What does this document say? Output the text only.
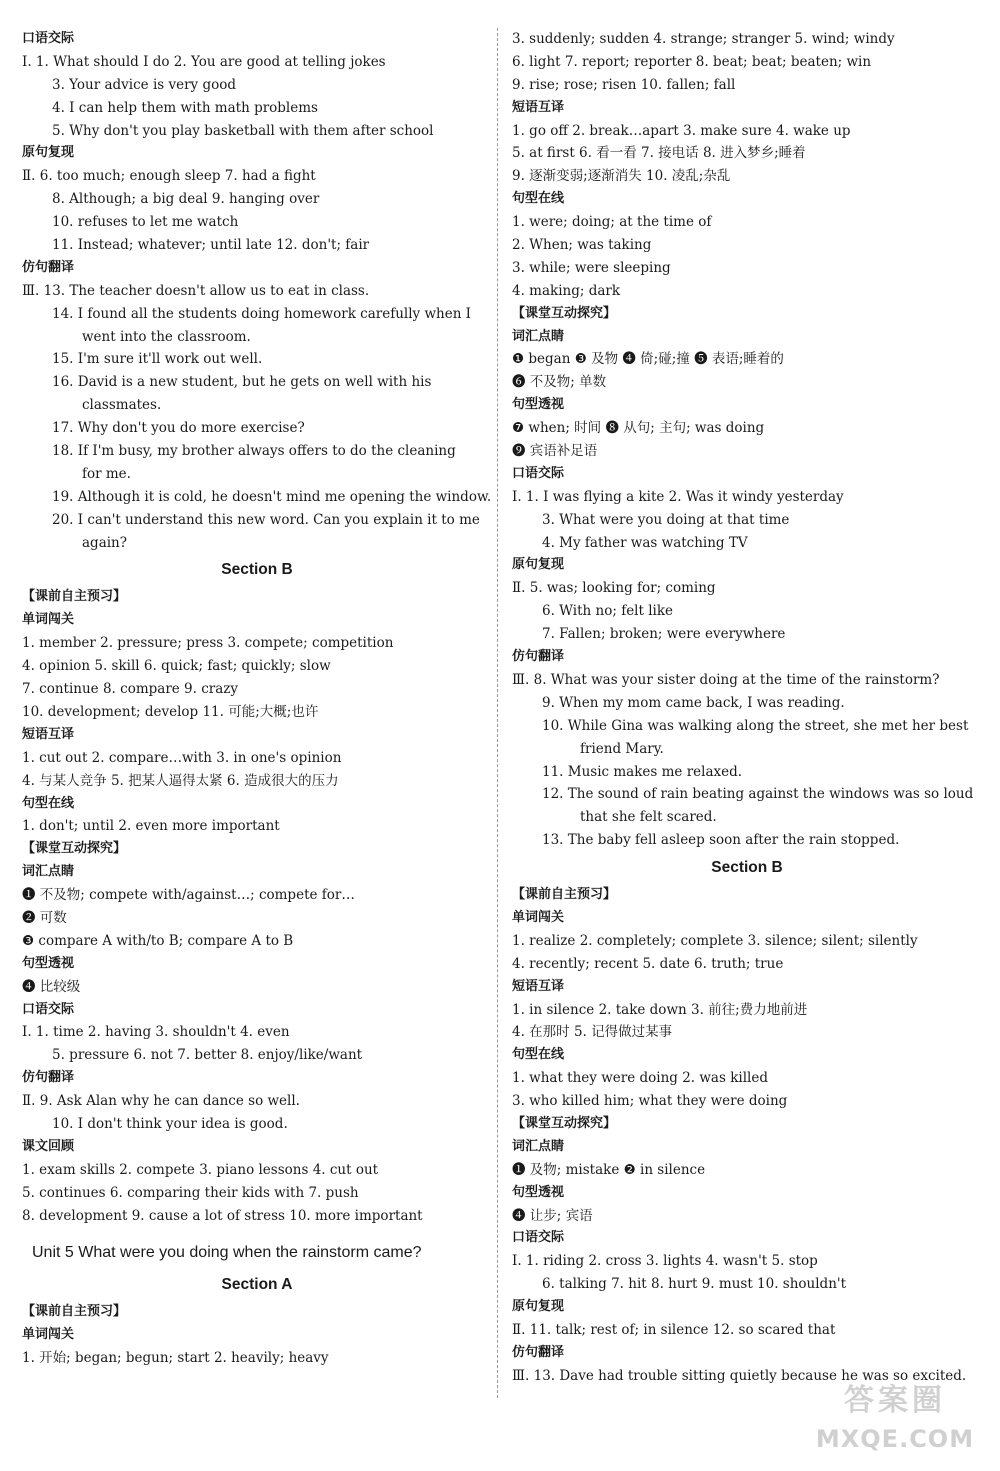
口语交际
Ⅰ. 1. What should I do 2. You are good at telling jokes
3. Your advice is very good
4. I can help them with math problems
5. Why don't you play basketball with them after school
原句复现
Ⅱ. 6. too much; enough sleep 7. had a fight
8. Although; a big deal 9. hanging over
10. refuses to let me watch
11. Instead; whatever; until late 12. don't; fair
仿句翻译
Ⅲ. 13. The teacher doesn't allow us to eat in class.
14. I found all the students doing homework carefully when I
went into the classroom.
15. I'm sure it'll work out well.
16. David is a new student, but he gets on well with his
classmates.
17. Why don't you do more exercise?
18. If I'm busy, my brother always offers to do the cleaning
for me.
19. Although it is cold, he doesn't mind me opening the window.
20. I can't understand this new word. Can you explain it to me
again?
Section B
【课前自主预习】
单词闯关
1. member 2. pressure; press 3. compete; competition
4. opinion 5. skill 6. quick; fast; quickly; slow
7. continue 8. compare 9. crazy
10. development; develop 11. 可能;大概;也许
短语互译
1. cut out 2. compare…with 3. in one's opinion
4. 与某人竞争 5. 把某人逼得太紧 6. 造成很大的压力
句型在线
1. don't; until 2. even more important
【课堂互动探究】
词汇点睛
❶ 不及物; compete with/against…; compete for…
❷ 可数
❸ compare A with/to B; compare A to B
句型透视
❹ 比较级
口语交际
Ⅰ. 1. time 2. having 3. shouldn't 4. even
5. pressure 6. not 7. better 8. enjoy/like/want
仿句翻译
Ⅱ. 9. Ask Alan why he can dance so well.
10. I don't think your idea is good.
课文回顾
1. exam skills 2. compete 3. piano lessons 4. cut out
5. continues 6. comparing their kids with 7. push
8. development 9. cause a lot of stress 10. more important
Unit 5 What were you doing when the rainstorm came?
Section A
【课前自主预习】
单词闯关
1. 开始; began; begun; start 2. heavily; heavy
3. suddenly; sudden 4. strange; stranger 5. wind; windy
6. light 7. report; reporter 8. beat; beat; beaten; win
9. rise; rose; risen 10. fallen; fall
短语互译
1. go off 2. break…apart 3. make sure 4. wake up
5. at first 6. 看一看 7. 接电话 8. 进入梦乡;睡着
9. 逐渐变弱;逐渐消失 10. 凌乱;杂乱
句型在线
1. were; doing; at the time of
2. When; was taking
3. while; were sleeping
4. making; dark
【课堂互动探究】
词汇点睛
❶ began ❸ 及物 ❹ 倚;碰;撞 ❺ 表语;睡着的
❻ 不及物; 单数
句型透视
❼ when; 时间 ❽ 从句; 主句; was doing
❾ 宾语补足语
口语交际
Ⅰ. 1. I was flying a kite 2. Was it windy yesterday
3. What were you doing at that time
4. My father was watching TV
原句复现
Ⅱ. 5. was; looking for; coming
6. With no; felt like
7. Fallen; broken; were everywhere
仿句翻译
Ⅲ. 8. What was your sister doing at the time of the rainstorm?
9. When my mom came back, I was reading.
10. While Gina was walking along the street, she met her best
friend Mary.
11. Music makes me relaxed.
12. The sound of rain beating against the windows was so loud
that she felt scared.
13. The baby fell asleep soon after the rain stopped.
Section B
【课前自主预习】
单词闯关
1. realize 2. completely; complete 3. silence; silent; silently
4. recently; recent 5. date 6. truth; true
短语互译
1. in silence 2. take down 3. 前往;费力地前进
4. 在那时 5. 记得做过某事
句型在线
1. what they were doing 2. was killed
3. who killed him; what they were doing
【课堂互动探究】
词汇点睛
❶ 及物; mistake ❷ in silence
句型透视
❹ 让步; 宾语
口语交际
Ⅰ. 1. riding 2. cross 3. lights 4. wasn't 5. stop
6. talking 7. hit 8. hurt 9. must 10. shouldn't
原句复现
Ⅱ. 11. talk; rest of; in silence 12. so scared that
仿句翻译
Ⅲ. 13. Dave had trouble sitting quietly because he was so excited.
答案圈
MXQE.COM
